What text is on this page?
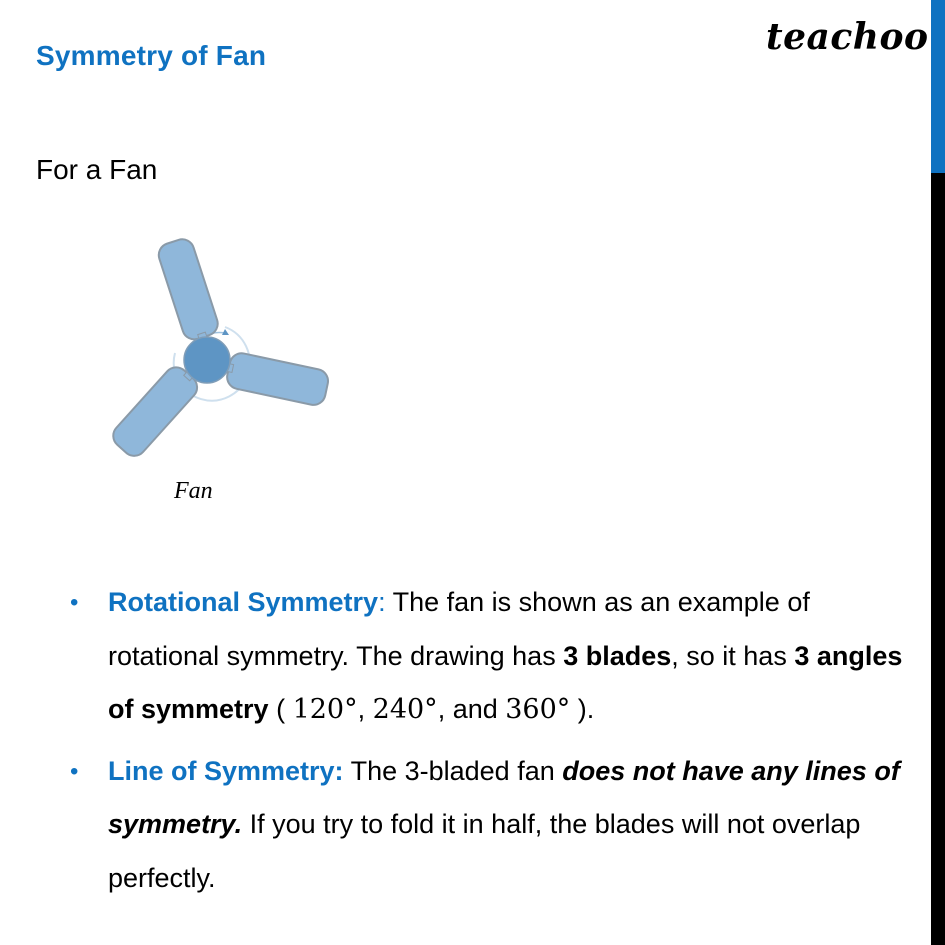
Symmetry of Fan	teachoo
For a Fan
Fan
• Rotational Symmetry: The fan is shown as an example of rotational symmetry. The drawing has 3 blades, so it has 3 angles of symmetry ( 120°, 240°, and 360° ).
• Line of Symmetry: The 3-bladed fan does not have any lines of symmetry. If you try to fold it in half, the blades will not overlap perfectly.
